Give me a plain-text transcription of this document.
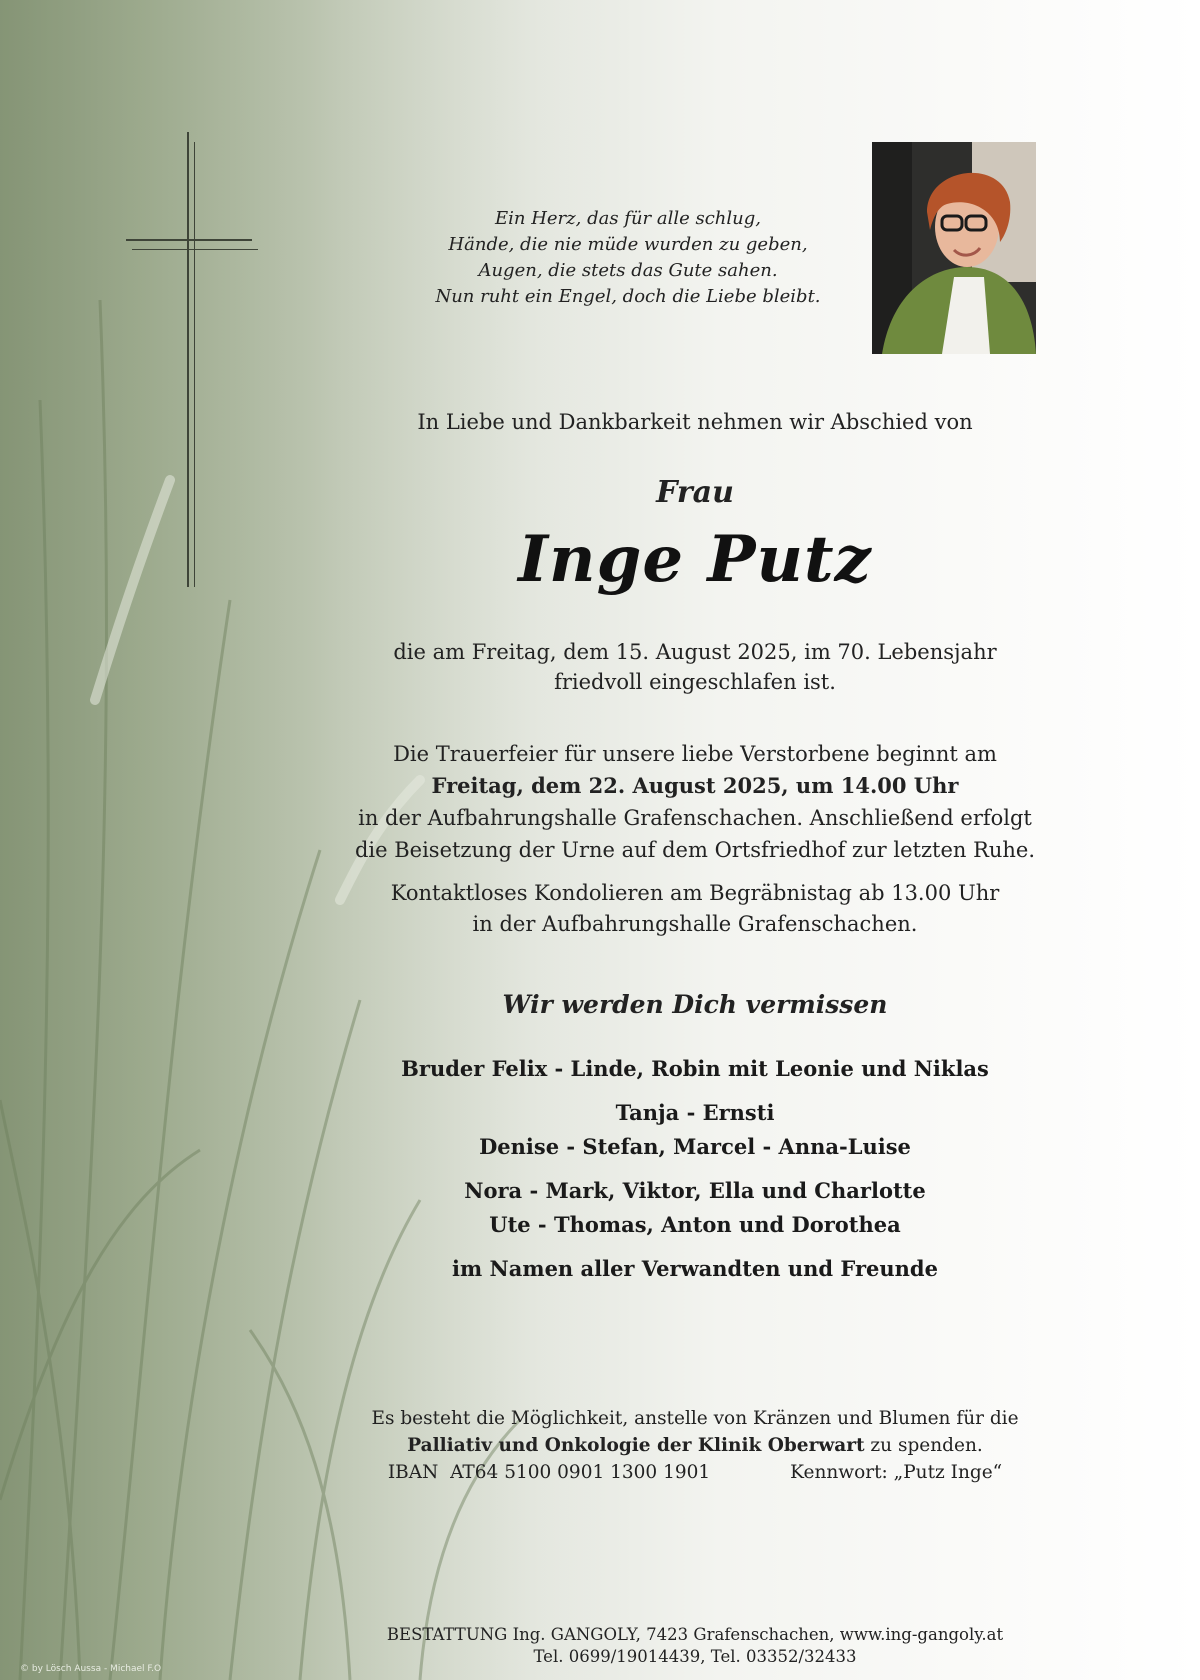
Ein Herz, das für alle schlug,
Hände, die nie müde wurden zu geben,
Augen, die stets das Gute sahen.
Nun ruht ein Engel, doch die Liebe bleibt.
In Liebe und Dankbarkeit nehmen wir Abschied von
Frau
Inge Putz
die am Freitag, dem 15. August 2025, im 70. Lebensjahr
friedvoll eingeschlafen ist.
Die Trauerfeier für unsere liebe Verstorbene beginnt am
Freitag, dem 22. August 2025, um 14.00 Uhr
in der Aufbahrungshalle Grafenschachen. Anschließend erfolgt
die Beisetzung der Urne auf dem Ortsfriedhof zur letzten Ruhe.
Kontaktloses Kondolieren am Begräbnistag ab 13.00 Uhr
in der Aufbahrungshalle Grafenschachen.
Wir werden Dich vermissen
Bruder Felix - Linde, Robin mit Leonie und Niklas
Tanja - Ernsti
Denise - Stefan, Marcel - Anna-Luise
Nora - Mark, Viktor, Ella und Charlotte
Ute - Thomas, Anton und Dorothea
im Namen aller Verwandten und Freunde
Es besteht die Möglichkeit, anstelle von Kränzen und Blumen für die
Palliativ und Onkologie der Klinik Oberwart zu spenden.
IBAN  AT64 5100 0901 1300 1901	Kennwort: „Putz Inge“
BESTATTUNG Ing. GANGOLY, 7423 Grafenschachen, www.ing-gangoly.at
Tel. 0699/19014439, Tel. 03352/32433
© by Lösch Aussa - Michael F.O
